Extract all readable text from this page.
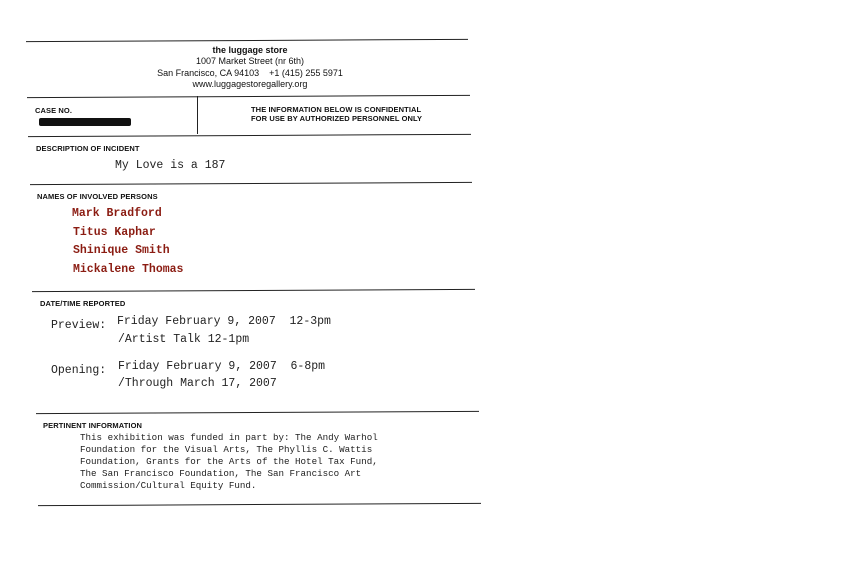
the luggage store
1007 Market Street (nr 6th)
San Francisco, CA 94103    +1 (415) 255 5971
www.luggagestoregallery.org
CASE NO.	THE INFORMATION BELOW IS CONFIDENTIAL
FOR USE BY AUTHORIZED PERSONNEL ONLY
DESCRIPTION OF INCIDENT
My Love is a 187
NAMES OF INVOLVED PERSONS
Mark Bradford
Titus Kaphar
Shinique Smith
Mickalene Thomas
DATE/TIME REPORTED
Preview: Friday February 9, 2007  12-3pm
/Artist Talk 12-1pm
Opening: Friday February 9, 2007  6-8pm
/Through March 17, 2007
PERTINENT INFORMATION
This exhibition was funded in part by: The Andy Warhol
Foundation for the Visual Arts, The Phyllis C. Wattis
Foundation, Grants for the Arts of the Hotel Tax Fund,
The San Francisco Foundation, The San Francisco Art
Commission/Cultural Equity Fund.
